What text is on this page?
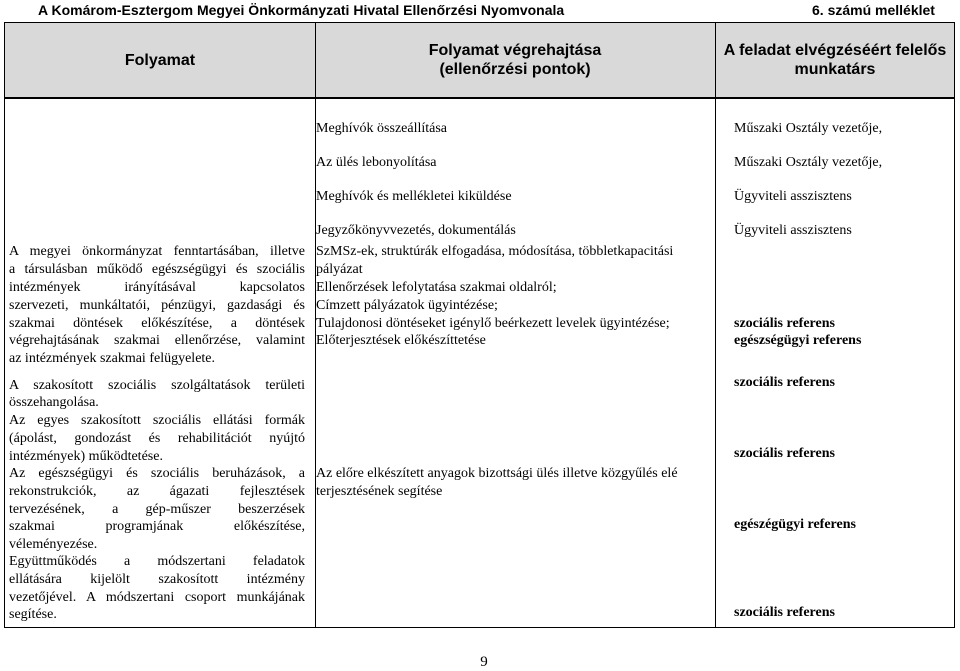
A Komárom-Esztergom Megyei Önkormányzati Hivatal Ellenőrzési Nyomvonala	6. számú melléklet
Folyamat
Folyamat végrehajtása
(ellenőrzési pontok)
A feladat elvégzéséért felelős
munkatárs
A megyei önkormányzat fenntartásában, illetve
a társulásban működő egészségügyi és szociális
intézmények irányításával kapcsolatos
szervezeti, munkáltatói, pénzügyi, gazdasági és
szakmai döntések előkészítése, a döntések
végrehajtásának szakmai ellenőrzése, valamint
az intézmények szakmai felügyelete.
A szakosított szociális szolgáltatások területi
összehangolása.
Az egyes szakosított szociális ellátási formák
(ápolást, gondozást és rehabilitációt nyújtó
intézmények) működtetése.
Az egészségügyi és szociális beruházások, a
rekonstrukciók, az ágazati fejlesztések
tervezésének, a gép-műszer beszerzések
szakmai programjának előkészítése,
véleményezése.
Együttműködés a módszertani feladatok
ellátására kijelölt szakosított intézmény
vezetőjével. A módszertani csoport munkájának
segítése.
Meghívók összeállítása
Az ülés lebonyolítása
Meghívók és mellékletei kiküldése
Jegyzőkönyvvezetés, dokumentálás
SzMSz-ek, struktúrák elfogadása, módosítása, többletkapacitási
pályázat
Ellenőrzések lefolytatása szakmai oldalról;
Címzett pályázatok ügyintézése;
Tulajdonosi döntéseket igénylő beérkezett levelek ügyintézése;
Előterjesztések előkészíttetése
Az előre elkészített anyagok bizottsági ülés illetve közgyűlés elé
terjesztésének segítése
Műszaki Osztály vezetője,
Műszaki Osztály vezetője,
Ügyviteli asszisztens
Ügyviteli asszisztens
szociális referens
egészségügyi referens
szociális referens
szociális referens
egészégügyi referens
szociális referens
9
